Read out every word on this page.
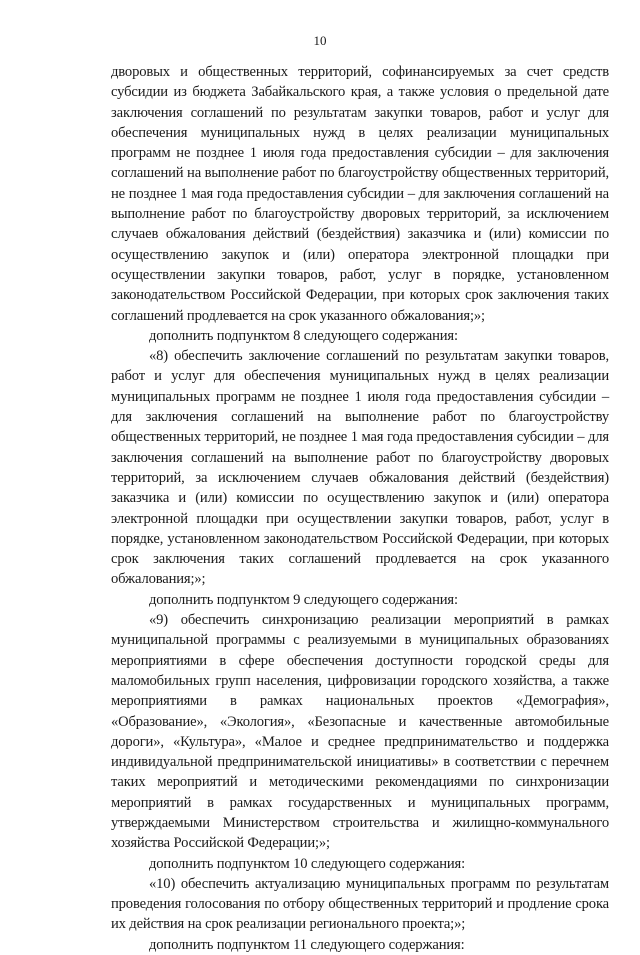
10

дворовых и общественных территорий, софинансируемых за счет средств субсидии из бюджета Забайкальского края, а также условия о предельной дате заключения соглашений по результатам закупки товаров, работ и услуг для обеспечения муниципальных нужд в целях реализации муниципальных программ не позднее 1 июля года предоставления субсидии – для заключения соглашений на выполнение работ по благоустройству общественных территорий, не позднее 1 мая года предоставления субсидии – для заключения соглашений на выполнение работ по благоустройству дворовых территорий, за исключением случаев обжалования действий (бездействия) заказчика и (или) комиссии по осуществлению закупок и (или) оператора электронной площадки при осуществлении закупки товаров, работ, услуг в порядке, установленном законодательством Российской Федерации, при которых срок заключения таких соглашений продлевается на срок указанного обжалования;»;

дополнить подпунктом 8 следующего содержания:

«8) обеспечить заключение соглашений по результатам закупки товаров, работ и услуг для обеспечения муниципальных нужд в целях реализации муниципальных программ не позднее 1 июля года предоставления субсидии – для заключения соглашений на выполнение работ по благоустройству общественных территорий, не позднее 1 мая года предоставления субсидии – для заключения соглашений на выполнение работ по благоустройству дворовых территорий, за исключением случаев обжалования действий (бездействия) заказчика и (или) комиссии по осуществлению закупок и (или) оператора электронной площадки при осуществлении закупки товаров, работ, услуг в порядке, установленном законодательством Российской Федерации, при которых срок заключения таких соглашений продлевается на срок указанного обжалования;»;

дополнить подпунктом 9 следующего содержания:

«9) обеспечить синхронизацию реализации мероприятий в рамках муниципальной программы с реализуемыми в муниципальных образованиях мероприятиями в сфере обеспечения доступности городской среды для маломобильных групп населения, цифровизации городского хозяйства, а также мероприятиями в рамках национальных проектов «Демография», «Образование», «Экология», «Безопасные и качественные автомобильные дороги», «Культура», «Малое и среднее предпринимательство и поддержка индивидуальной предпринимательской инициативы» в соответствии с перечнем таких мероприятий и методическими рекомендациями по синхронизации мероприятий в рамках государственных и муниципальных программ, утверждаемыми Министерством строительства и жилищно-коммунального хозяйства Российской Федерации;»;

дополнить подпунктом 10 следующего содержания:

«10) обеспечить актуализацию муниципальных программ по результатам проведения голосования по отбору общественных территорий и продление срока их действия на срок реализации регионального проекта;»;

дополнить подпунктом 11 следующего содержания:
